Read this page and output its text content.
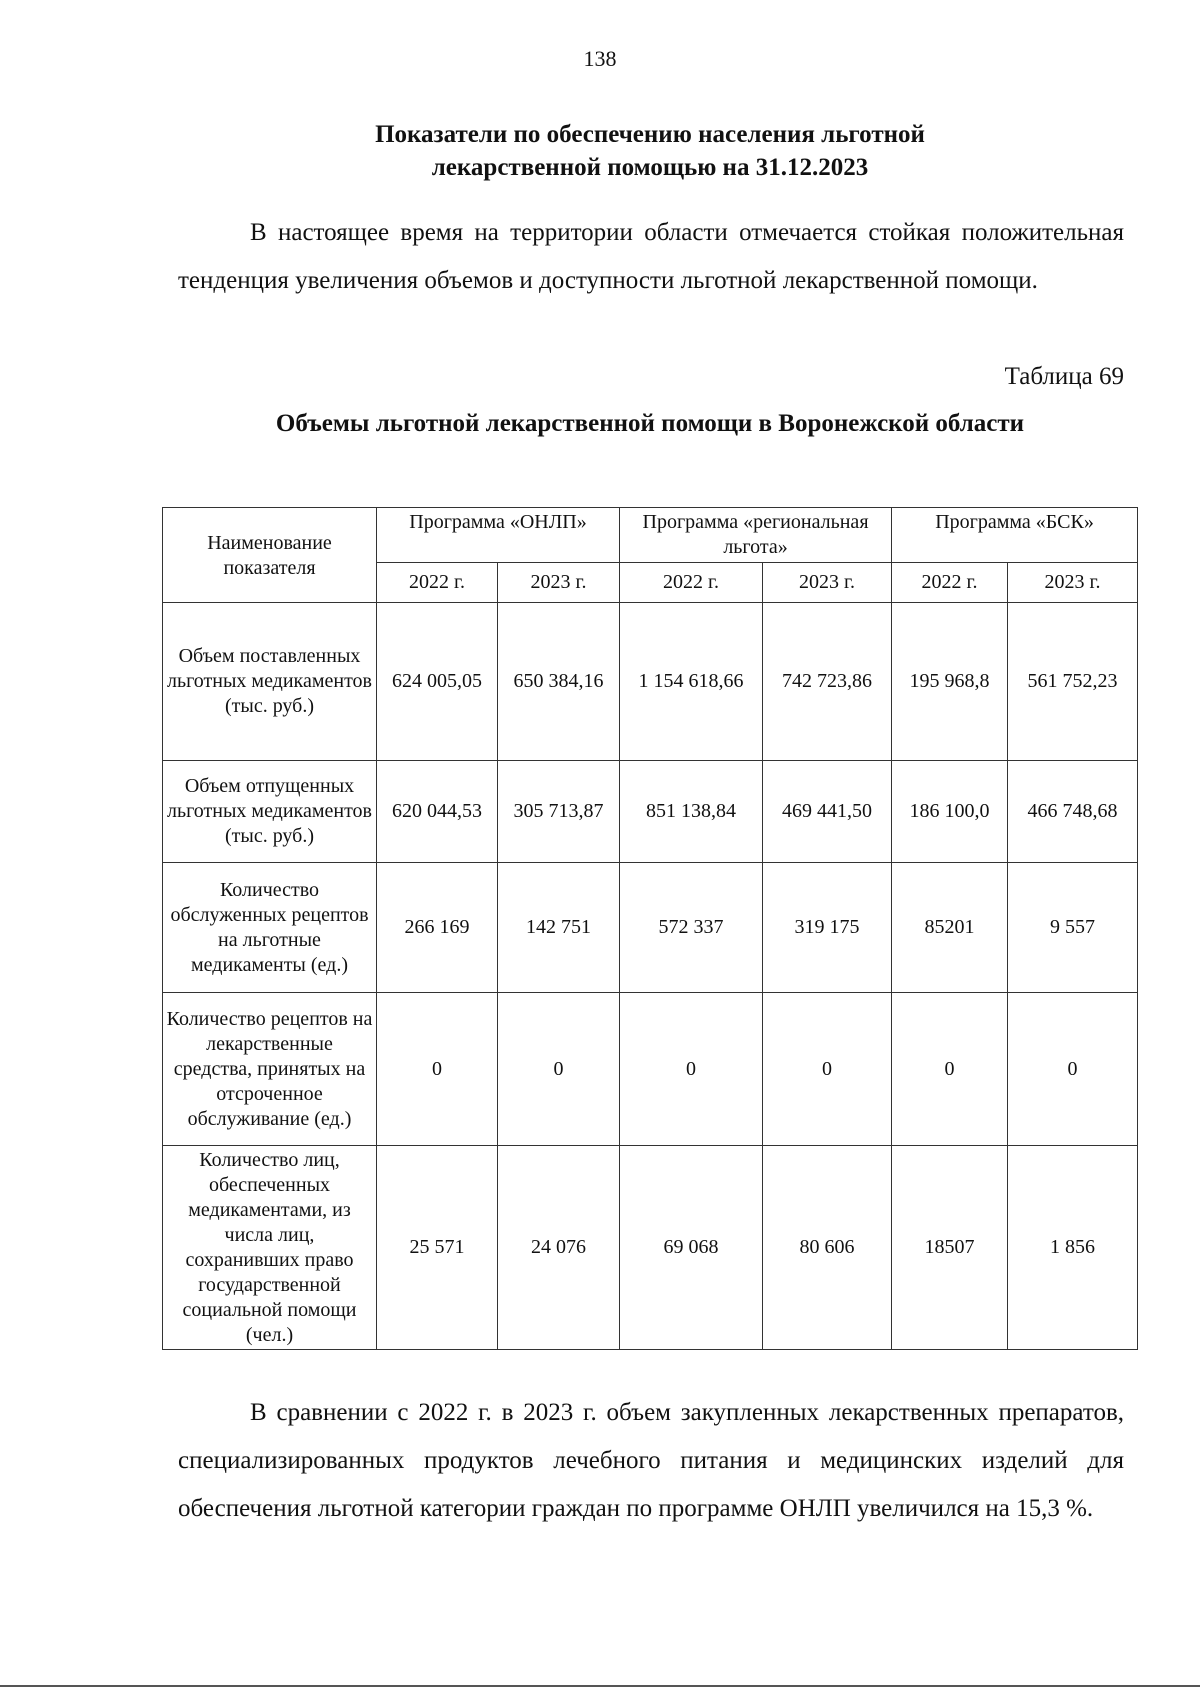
138
Показатели по обеспечению населения льготной
лекарственной помощью на 31.12.2023

В настоящее время на территории области отмечается стойкая положительная тенденция увеличения объемов и доступности льготной лекарственной помощи.

Таблица 69
Объемы льготной лекарственной помощи в Воронежской области
Наименование показателя	Программа «ОНЛП»		Программа «региональная льгота»		Программа «БСК»	
	2022 г.	2023 г.	2022 г.	2023 г.	2022 г.	2023 г.
Объем поставленных льготных медикаментов (тыс. руб.)	624 005,05	650 384,16	1 154 618,66	742 723,86	195 968,8	561 752,23
Объем отпущенных льготных медикаментов (тыс. руб.)	620 044,53	305 713,87	851 138,84	469 441,50	186 100,0	466 748,68
Количество обслуженных рецептов на льготные медикаменты (ед.)	266 169	142 751	572 337	319 175	85201	9 557
Количество рецептов на лекарственные средства, принятых на отсроченное обслуживание (ед.)	0	0	0	0	0	0
Количество лиц, обеспеченных медикаментами, из числа лиц, сохранивших право государственной социальной помощи (чел.)	25 571	24 076	69 068	80 606	18507	1 856

В сравнении с 2022 г. в 2023 г. объем закупленных лекарственных препаратов, специализированных продуктов лечебного питания и медицинских изделий для обеспечения льготной категории граждан по программе ОНЛП увеличился на 15,3 %.
